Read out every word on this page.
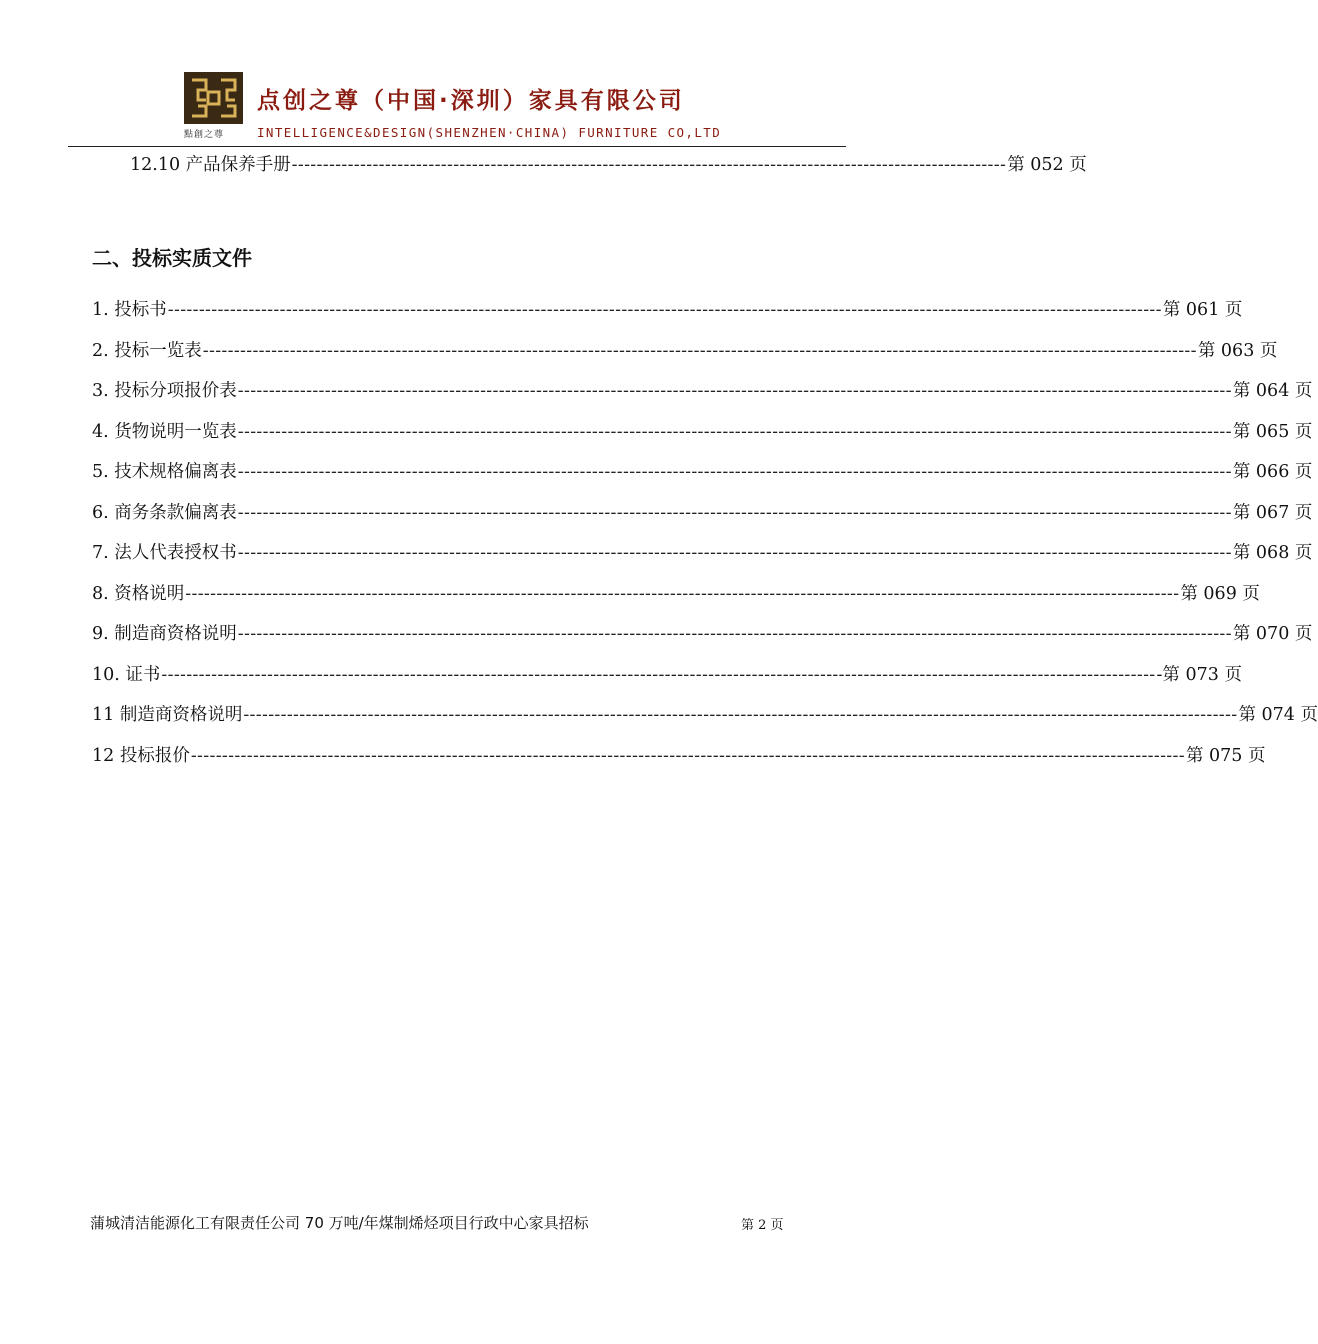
點創之尊
点创之尊（中国·深圳）家具有限公司
INTELLIGENCE&DESIGN(SHENZHEN·CHINA) FURNITURE CO,LTD
12.10 产品保养手册 ------------------------------------------------------------------------------------------------------------------- 第 052 页
二、投标实质文件
1. 投标书 ---------------------------------------------------------------------------------------------------------------------------------------------------------------- 第 061 页
2. 投标一览表 ---------------------------------------------------------------------------------------------------------------------------------------------------------------- 第 063 页
3. 投标分项报价表 ---------------------------------------------------------------------------------------------------------------------------------------------------------------- 第 064 页
4. 货物说明一览表 ---------------------------------------------------------------------------------------------------------------------------------------------------------------- 第 065 页
5. 技术规格偏离表 ---------------------------------------------------------------------------------------------------------------------------------------------------------------- 第 066 页
6. 商务条款偏离表 ---------------------------------------------------------------------------------------------------------------------------------------------------------------- 第 067 页
7. 法人代表授权书 ---------------------------------------------------------------------------------------------------------------------------------------------------------------- 第 068 页
8. 资格说明 ---------------------------------------------------------------------------------------------------------------------------------------------------------------- 第 069 页
9. 制造商资格说明 ---------------------------------------------------------------------------------------------------------------------------------------------------------------- 第 070 页
10. 证书 ---------------------------------------------------------------------------------------------------------------------------------------------------------------- -第 073 页
11 制造商资格说明 ---------------------------------------------------------------------------------------------------------------------------------------------------------------- 第 074 页
12 投标报价 ---------------------------------------------------------------------------------------------------------------------------------------------------------------- 第 075 页
蒲城清洁能源化工有限责任公司 70 万吨/年煤制烯烃项目行政中心家具招标	第 2 页
